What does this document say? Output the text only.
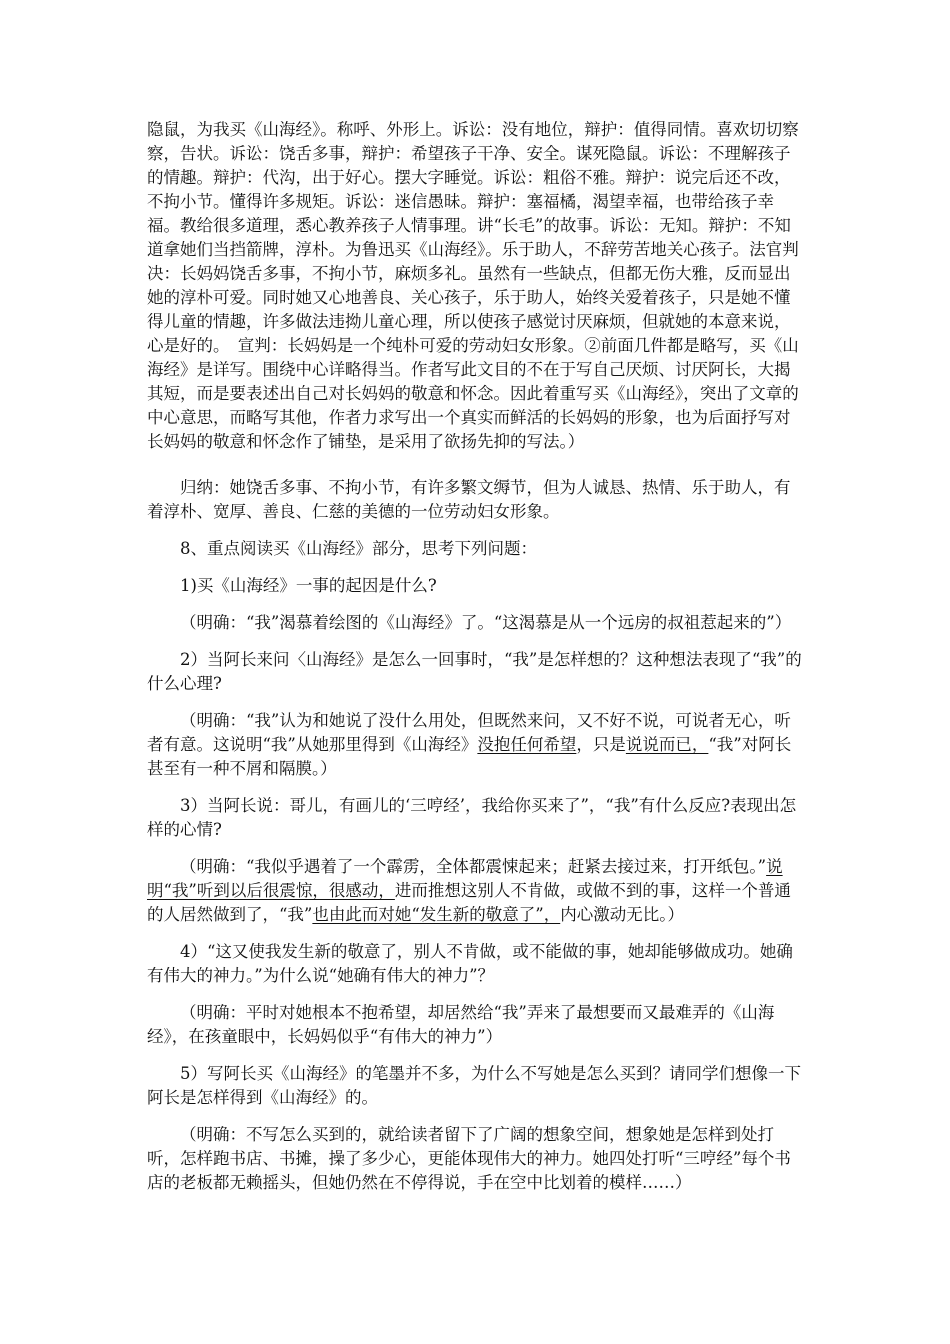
隐鼠，为我买《山海经》。称呼、外形上。诉讼：没有地位，辩护：值得同情。喜欢切切察察，告状。诉讼：饶舌多事，辩护：希望孩子干净、安全。谋死隐鼠。诉讼：不理解孩子的情趣。辩护：代沟，出于好心。摆大字睡觉。诉讼：粗俗不雅。辩护：说完后还不改，不拘小节。懂得许多规矩。诉讼：迷信愚昧。辩护：塞福橘，渴望幸福，也带给孩子幸福。教给很多道理，悉心教养孩子人情事理。讲“长毛”的故事。诉讼：无知。辩护：不知道拿她们当挡箭牌，淳朴。为鲁迅买《山海经》。乐于助人，不辞劳苦地关心孩子。法官判决：长妈妈饶舌多事，不拘小节，麻烦多礼。虽然有一些缺点，但都无伤大雅，反而显出她的淳朴可爱。同时她又心地善良、关心孩子，乐于助人，始终关爱着孩子，只是她不懂得儿童的情趣，许多做法违拗儿童心理，所以使孩子感觉讨厌麻烦，但就她的本意来说，心是好的。　宣判：长妈妈是一个纯朴可爱的劳动妇女形象。②前面几件都是略写，买《山海经》是详写。围绕中心详略得当。作者写此文目的不在于写自己厌烦、讨厌阿长，大揭其短，而是要表述出自己对长妈妈的敬意和怀念。因此着重写买《山海经》，突出了文章的中心意思，而略写其他，作者力求写出一个真实而鲜活的长妈妈的形象，也为后面抒写对长妈妈的敬意和怀念作了铺垫，是采用了欲扬先抑的写法。）

归纳：她饶舌多事、不拘小节，有许多繁文缛节，但为人诚恳、热情、乐于助人，有着淳朴、宽厚、善良、仁慈的美德的一位劳动妇女形象。

8、重点阅读买《山海经》部分，思考下列问题：

1)买《山海经》一事的起因是什么?

（明确：“我”渴慕着绘图的《山海经》了。“这渴慕是从一个远房的叔祖惹起来的”）

2）当阿长来问〈山海经》是怎么一回事时，“我”是怎样想的？这种想法表现了“我”的什么心理?

（明确：“我”认为和她说了没什么用处，但既然来问，又不好不说，可说者无心，听者有意。这说明“我”从她那里得到《山海经》没抱任何希望，只是说说而已，“我”对阿长甚至有一种不屑和隔膜。）

3）当阿长说：哥儿，有画儿的‘三哼经’，我给你买来了”，“我”有什么反应?表现出怎样的心情?

（明确：“我似乎遇着了一个霹雳，全体都震悚起来；赶紧去接过来，打开纸包。”说明“我”听到以后很震惊，很感动，进而推想这别人不肯做，或做不到的事，这样一个普通的人居然做到了，“我”也由此而对她“发生新的敬意了”，内心激动无比。）

4）“这又使我发生新的敬意了，别人不肯做，或不能做的事，她却能够做成功。她确有伟大的神力。”为什么说“她确有伟大的神力”？

（明确：平时对她根本不抱希望，却居然给“我”弄来了最想要而又最难弄的《山海经》，在孩童眼中，长妈妈似乎“有伟大的神力”）

5）写阿长买《山海经》的笔墨并不多，为什么不写她是怎么买到？请同学们想像一下阿长是怎样得到《山海经》的。

（明确：不写怎么买到的，就给读者留下了广阔的想象空间，想象她是怎样到处打听，怎样跑书店、书摊，操了多少心，更能体现伟大的神力。她四处打听“三哼经”每个书店的老板都无赖摇头，但她仍然在不停得说，手在空中比划着的模样……）
